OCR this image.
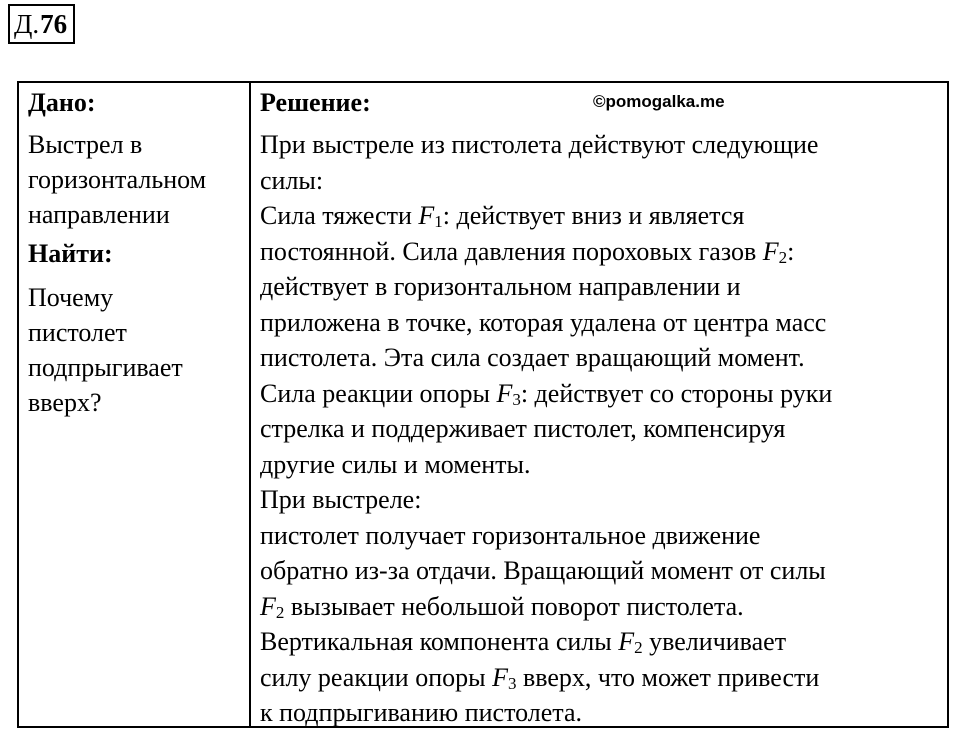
Д.76
Дано:
Выстрел в
горизонтальном
направлении
Найти:
Почему
пистолет
подпрыгивает
вверх?
Решение:	©pomogalka.me
При выстреле из пистолета действуют следующие
силы:
Сила тяжести $F_1$: действует вниз и является
постоянной. Сила давления пороховых газов $F_2$:
действует в горизонтальном направлении и
приложена в точке, которая удалена от центра масс
пистолета. Эта сила создает вращающий момент.
Сила реакции опоры $F_3$: действует со стороны руки
стрелка и поддерживает пистолет, компенсируя
другие силы и моменты.
При выстреле:
пистолет получает горизонтальное движение
обратно из-за отдачи. Вращающий момент от силы
$F_2$ вызывает небольшой поворот пистолета.
Вертикальная компонента силы $F_2$ увеличивает
силу реакции опоры $F_3$ вверх, что может привести
к подпрыгиванию пистолета.
